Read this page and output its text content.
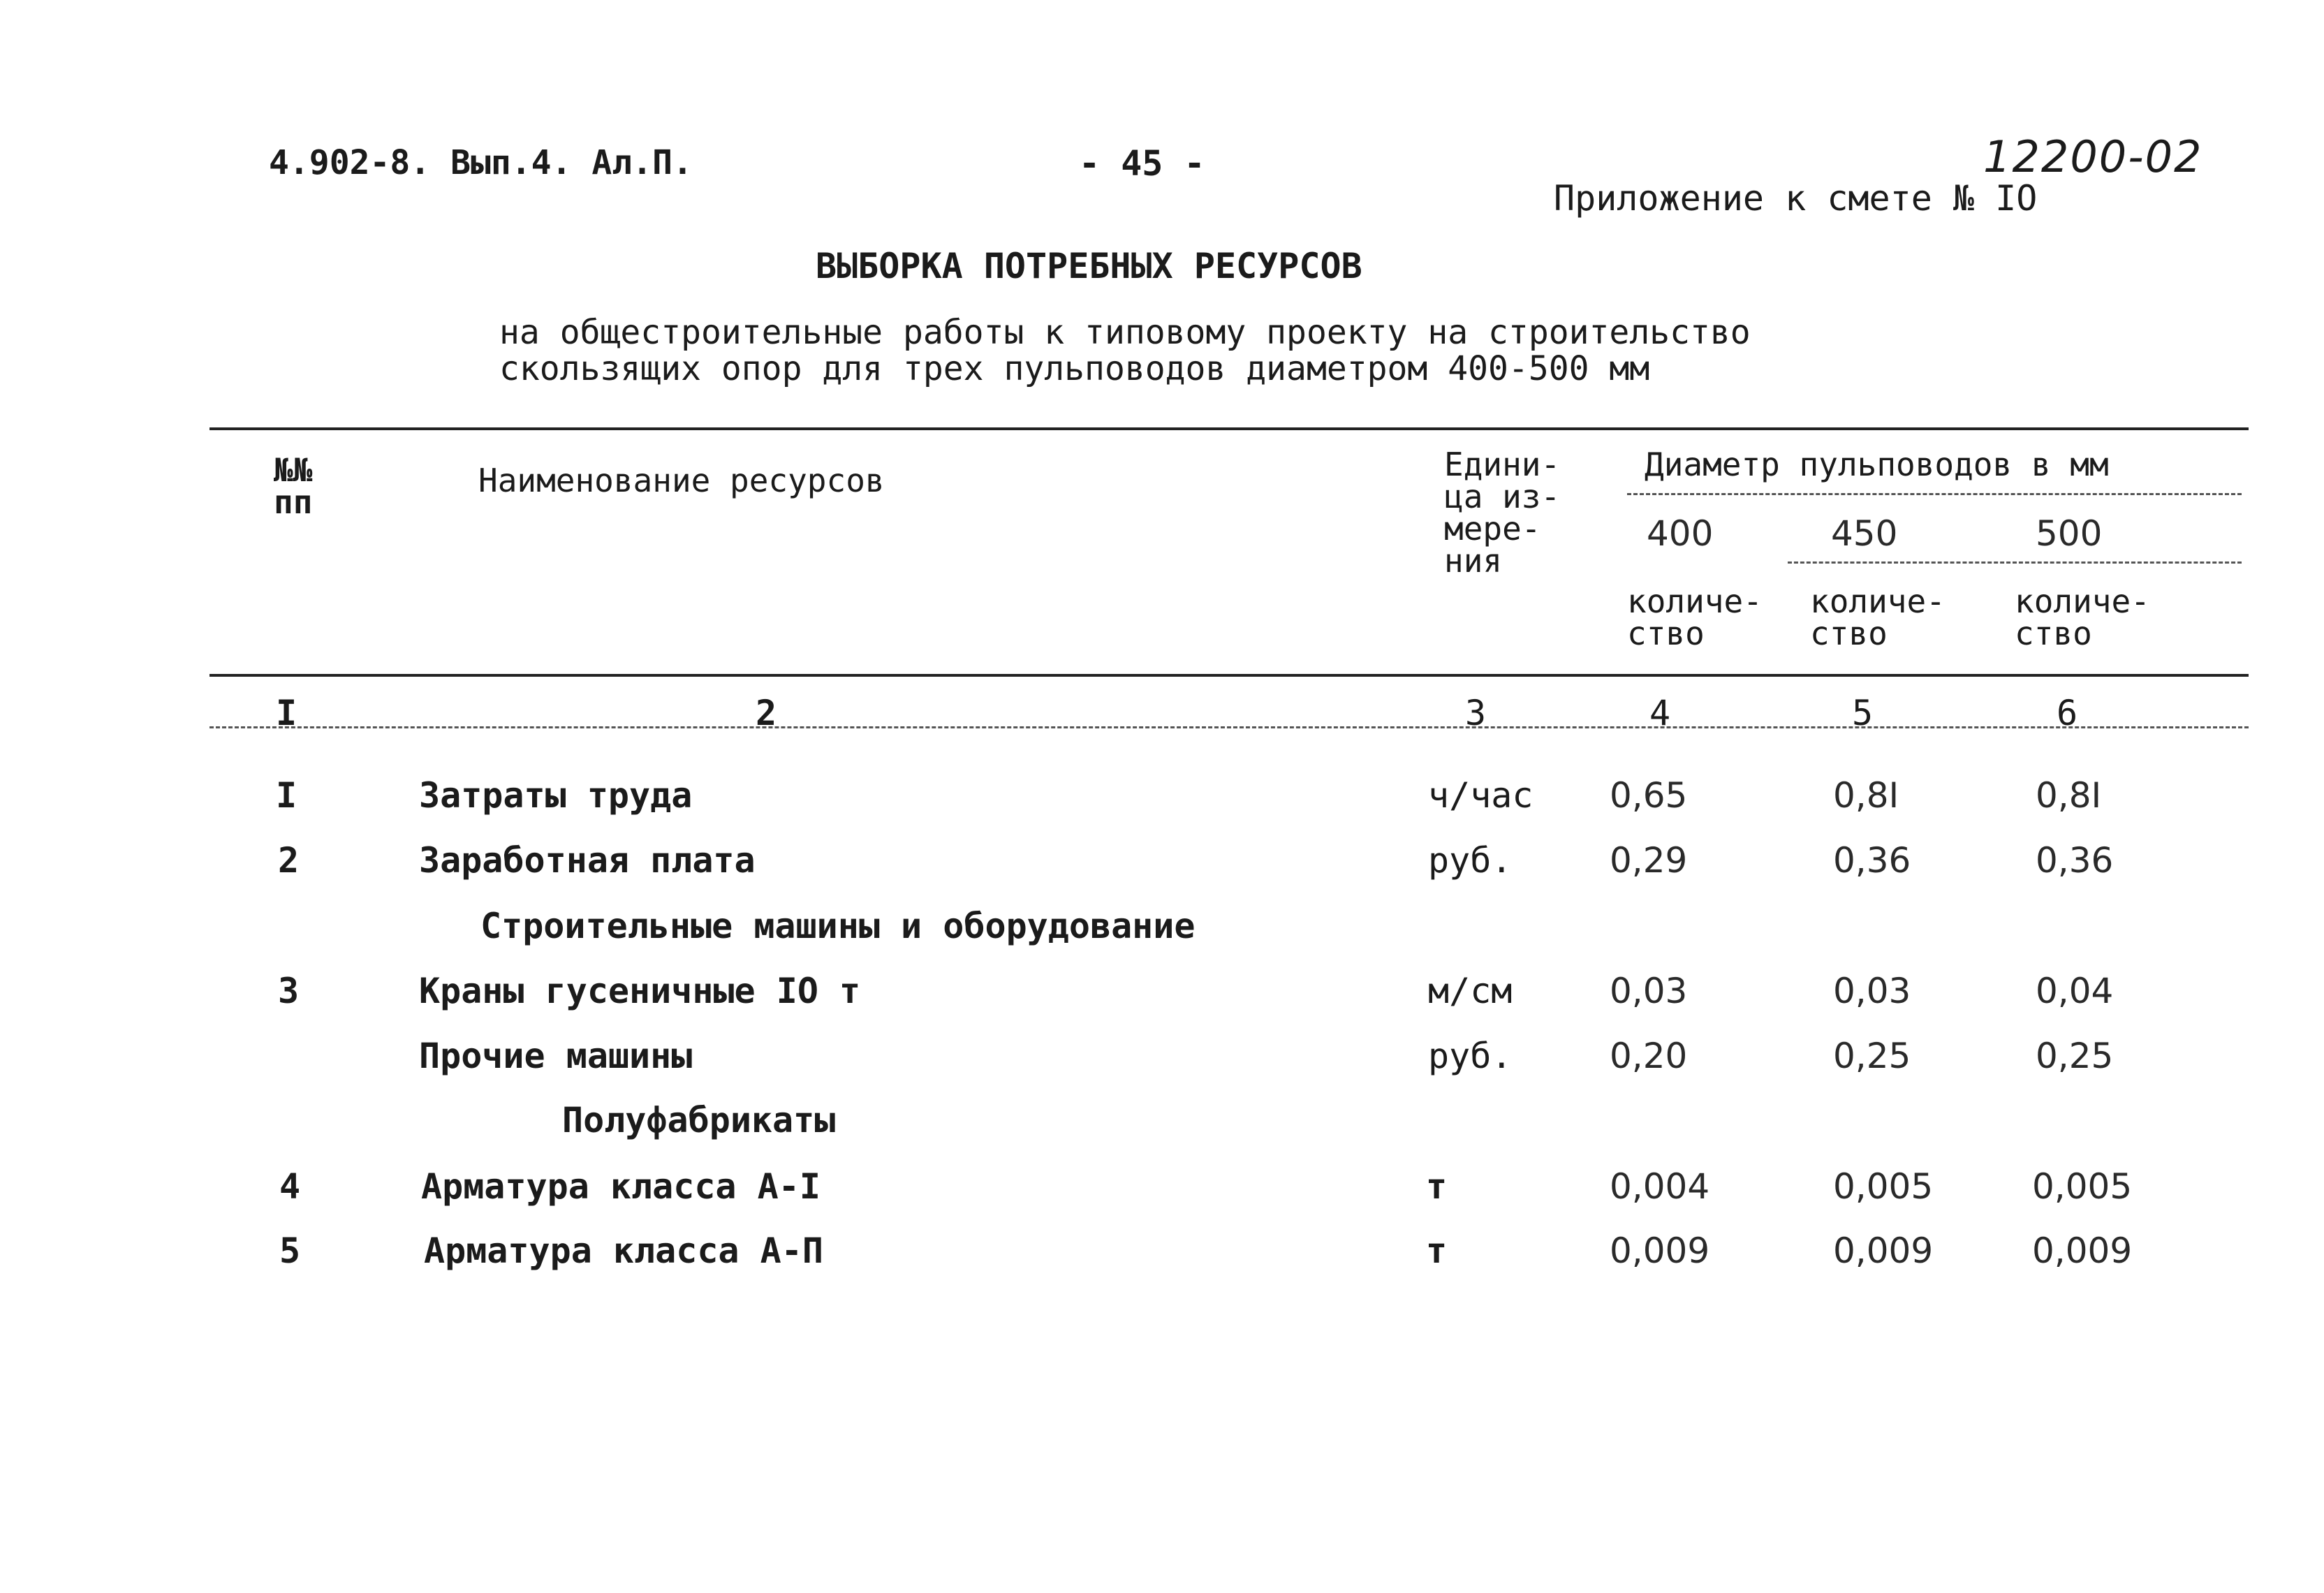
4.902-8. Вып.4. Ал.П.	- 45 -	12200-02
Приложение к смете № IO
ВЫБОРКА ПОТРЕБНЫХ РЕСУРСОВ
на общестроительные работы к типовому проекту на строительство
скользящих опор для трех пульповодов диаметром 400-500 мм
№№
пп
Наименование ресурсов	Едини-
ца из-
мере-
ния
Диаметр пульповодов в мм
400	450	500
количе-
ство
количе-
ство
количе-
ство
I	2	3	4	5	6
I	Затраты труда	ч/час 0,65	0,8I	0,8I
2	Заработная плата	руб.	0,29	0,36	0,36
Строительные машины и оборудование
3	Краны гусеничные IO т	м/см	0,03	0,03	0,04
Прочие машины	руб.	0,20	0,25	0,25
Полуфабрикаты
4	Арматура класса А-I	т	0,004	0,005	0,005
5	Арматура класса А-П	т	0,009	0,009	0,009
